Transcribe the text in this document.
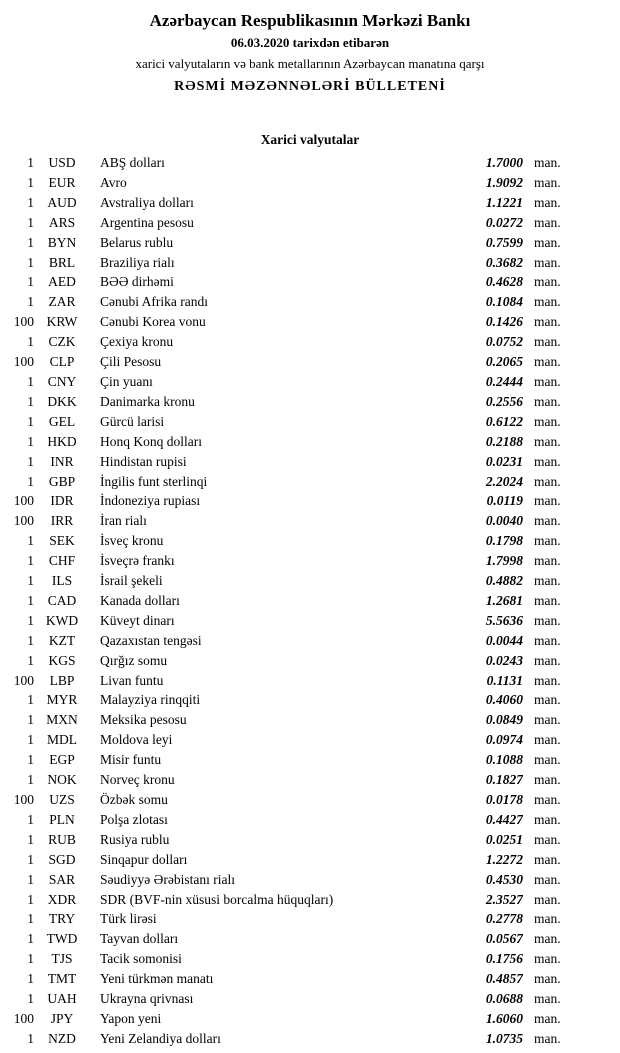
Azərbaycan Respublikasının Mərkəzi Bankı
06.03.2020 tarixdən etibarən
xarici valyutaların və bank metallarının Azərbaycan manatına qarşı
RƏSMİ MƏZƏNNƏLƏRİ BÜLLETENİ
Xarici valyutalar
1	USD	ABŞ dolları	1.7000	man.
1	EUR	Avro	1.9092	man.
1	AUD	Avstraliya dolları	1.1221	man.
1	ARS	Argentina pesosu	0.0272	man.
1	BYN	Belarus rublu	0.7599	man.
1	BRL	Braziliya rialı	0.3682	man.
1	AED	BƏƏ dirhəmi	0.4628	man.
1	ZAR	Cənubi Afrika randı	0.1084	man.
100	KRW	Cənubi Korea vonu	0.1426	man.
1	CZK	Çexiya kronu	0.0752	man.
100	CLP	Çili Pesosu	0.2065	man.
1	CNY	Çin yuanı	0.2444	man.
1	DKK	Danimarka kronu	0.2556	man.
1	GEL	Gürcü larisi	0.6122	man.
1	HKD	Honq Konq dolları	0.2188	man.
1	INR	Hindistan rupisi	0.0231	man.
1	GBP	İngilis funt sterlinqi	2.2024	man.
100	IDR	İndoneziya rupiası	0.0119	man.
100	IRR	İran rialı	0.0040	man.
1	SEK	İsveç kronu	0.1798	man.
1	CHF	İsveçrə frankı	1.7998	man.
1	ILS	İsrail şekeli	0.4882	man.
1	CAD	Kanada dolları	1.2681	man.
1	KWD	Küveyt dinarı	5.5636	man.
1	KZT	Qazaxıstan tengəsi	0.0044	man.
1	KGS	Qırğız somu	0.0243	man.
100	LBP	Livan funtu	0.1131	man.
1	MYR	Malayziya rinqqiti	0.4060	man.
1	MXN	Meksika pesosu	0.0849	man.
1	MDL	Moldova leyi	0.0974	man.
1	EGP	Misir funtu	0.1088	man.
1	NOK	Norveç kronu	0.1827	man.
100	UZS	Özbək somu	0.0178	man.
1	PLN	Polşa zlotası	0.4427	man.
1	RUB	Rusiya rublu	0.0251	man.
1	SGD	Sinqapur dolları	1.2272	man.
1	SAR	Səudiyyə Ərəbistanı rialı	0.4530	man.
1	XDR	SDR (BVF-nin xüsusi borcalma hüquqları)	2.3527	man.
1	TRY	Türk lirəsi	0.2778	man.
1	TWD	Tayvan dolları	0.0567	man.
1	TJS	Tacik somonisi	0.1756	man.
1	TMT	Yeni türkmən manatı	0.4857	man.
1	UAH	Ukrayna qrivnası	0.0688	man.
100	JPY	Yapon yeni	1.6060	man.
1	NZD	Yeni Zelandiya dolları	1.0735	man.
